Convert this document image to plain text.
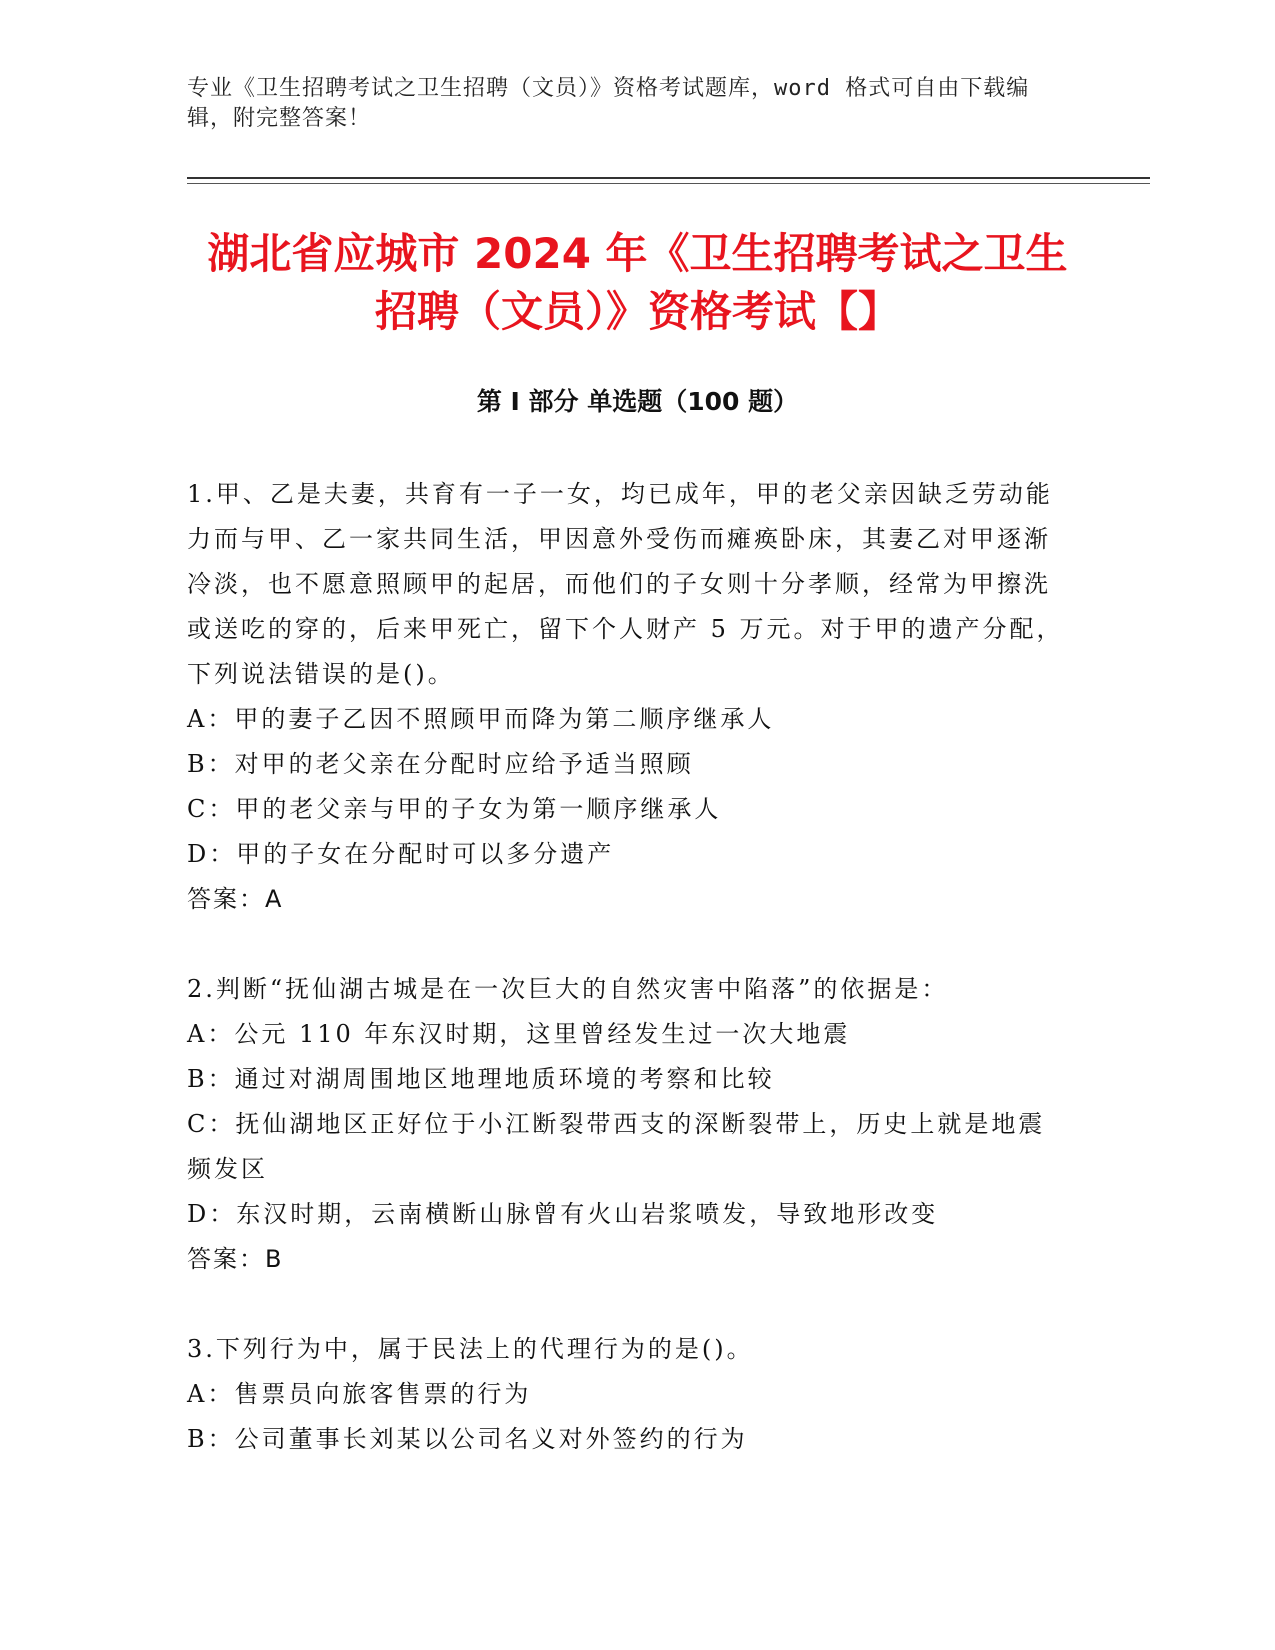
专业《卫生招聘考试之卫生招聘（文员）》资格考试题库，word 格式可自由下载编辑，附完整答案！
湖北省应城市 2024 年《卫生招聘考试之卫生
招聘（文员）》资格考试【】
第 I 部分 单选题（100 题）

1.甲、乙是夫妻，共育有一子一女，均已成年，甲的老父亲因缺乏劳动能力而与甲、乙一家共同生活，甲因意外受伤而瘫痪卧床，其妻乙对甲逐渐冷淡，也不愿意照顾甲的起居，而他们的子女则十分孝顺，经常为甲擦洗或送吃的穿的，后来甲死亡，留下个人财产 5 万元。对于甲的遗产分配，下列说法错误的是()。

A：甲的妻子乙因不照顾甲而降为第二顺序继承人

B：对甲的老父亲在分配时应给予适当照顾

C：甲的老父亲与甲的子女为第一顺序继承人

D：甲的子女在分配时可以多分遗产

答案：A

2.判断“抚仙湖古城是在一次巨大的自然灾害中陷落”的依据是：

A：公元 110 年东汉时期，这里曾经发生过一次大地震

B：通过对湖周围地区地理地质环境的考察和比较

C：抚仙湖地区正好位于小江断裂带西支的深断裂带上，历史上就是地震频发区

D：东汉时期，云南横断山脉曾有火山岩浆喷发，导致地形改变

答案：B

3.下列行为中，属于民法上的代理行为的是()。

A：售票员向旅客售票的行为

B：公司董事长刘某以公司名义对外签约的行为
